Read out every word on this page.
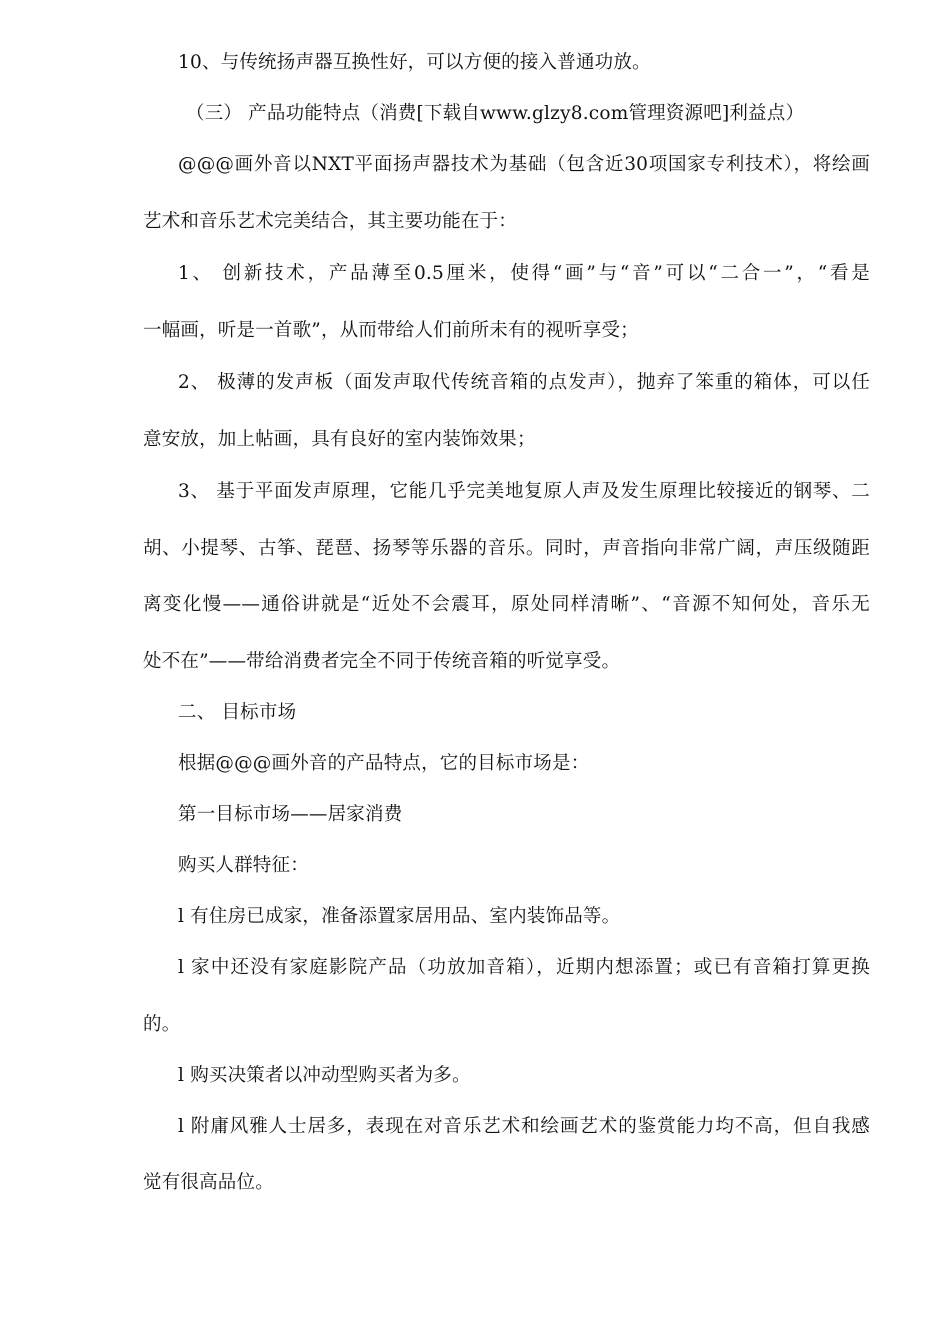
10、与传统扬声器互换性好，可以方便的接入普通功放。
（三） 产品功能特点（消费[下载自www.glzy8.com管理资源吧]利益点）
@@@画外音以NXT平面扬声器技术为基础（包含近30项国家专利技术），将绘画
艺术和音乐艺术完美结合，其主要功能在于：
1、 创新技术，产品薄至0.5厘米，使得“画”与“音”可以“二合一”，“看是
一幅画，听是一首歌”，从而带给人们前所未有的视听享受；
2、 极薄的发声板（面发声取代传统音箱的点发声），抛弃了笨重的箱体，可以任
意安放，加上帖画，具有良好的室内装饰效果；
3、 基于平面发声原理，它能几乎完美地复原人声及发生原理比较接近的钢琴、二
胡、小提琴、古筝、琵琶、扬琴等乐器的音乐。同时，声音指向非常广阔，声压级随距
离变化慢——通俗讲就是“近处不会震耳，原处同样清晰”、“音源不知何处，音乐无
处不在”——带给消费者完全不同于传统音箱的听觉享受。
二、 目标市场
根据@@@画外音的产品特点，它的目标市场是：
第一目标市场——居家消费
购买人群特征：
l 有住房已成家，准备添置家居用品、室内装饰品等。
l 家中还没有家庭影院产品（功放加音箱），近期内想添置；或已有音箱打算更换
的。
l 购买决策者以冲动型购买者为多。
l 附庸风雅人士居多，表现在对音乐艺术和绘画艺术的鉴赏能力均不高，但自我感
觉有很高品位。
